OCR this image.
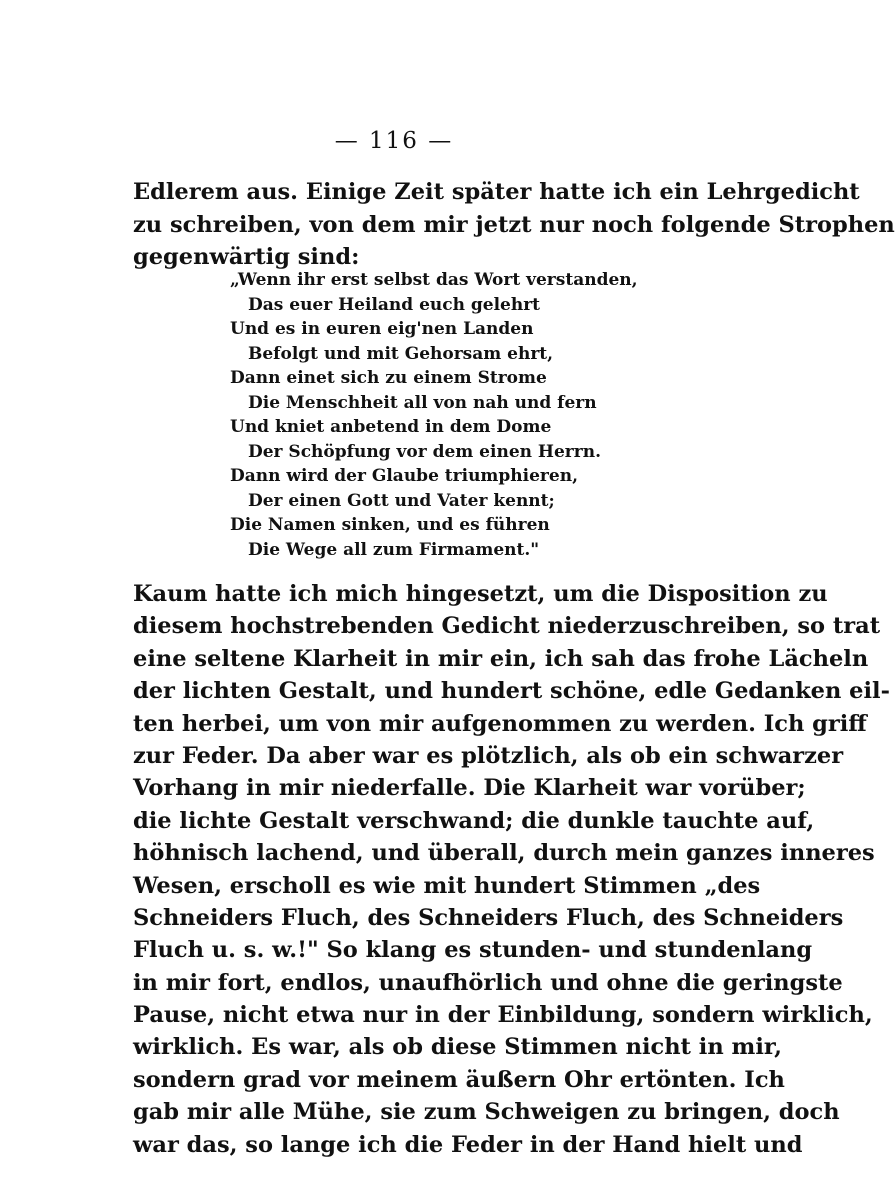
— 116 —
Edlerem aus. Einige Zeit später hatte ich ein Lehrgedicht
zu schreiben, von dem mir jetzt nur noch folgende Strophen
gegenwärtig sind:
„Wenn ihr erst selbst das Wort verstanden,
Das euer Heiland euch gelehrt
Und es in euren eig'nen Landen
Befolgt und mit Gehorsam ehrt,
Dann einet sich zu einem Strome
Die Menschheit all von nah und fern
Und kniet anbetend in dem Dome
Der Schöpfung vor dem einen Herrn.
Dann wird der Glaube triumphieren,
Der einen Gott und Vater kennt;
Die Namen sinken, und es führen
Die Wege all zum Firmament."
Kaum hatte ich mich hingesetzt, um die Disposition zu
diesem hochstrebenden Gedicht niederzuschreiben, so trat
eine seltene Klarheit in mir ein, ich sah das frohe Lächeln
der lichten Gestalt, und hundert schöne, edle Gedanken eil-
ten herbei, um von mir aufgenommen zu werden. Ich griff
zur Feder. Da aber war es plötzlich, als ob ein schwarzer
Vorhang in mir niederfalle. Die Klarheit war vorüber;
die lichte Gestalt verschwand; die dunkle tauchte auf,
höhnisch lachend, und überall, durch mein ganzes inneres
Wesen, erscholl es wie mit hundert Stimmen „des
Schneiders Fluch, des Schneiders Fluch, des Schneiders
Fluch u. s. w.!" So klang es stunden- und stundenlang
in mir fort, endlos, unaufhörlich und ohne die geringste
Pause, nicht etwa nur in der Einbildung, sondern wirklich,
wirklich. Es war, als ob diese Stimmen nicht in mir,
sondern grad vor meinem äußern Ohr ertönten. Ich
gab mir alle Mühe, sie zum Schweigen zu bringen, doch
war das, so lange ich die Feder in der Hand hielt und
